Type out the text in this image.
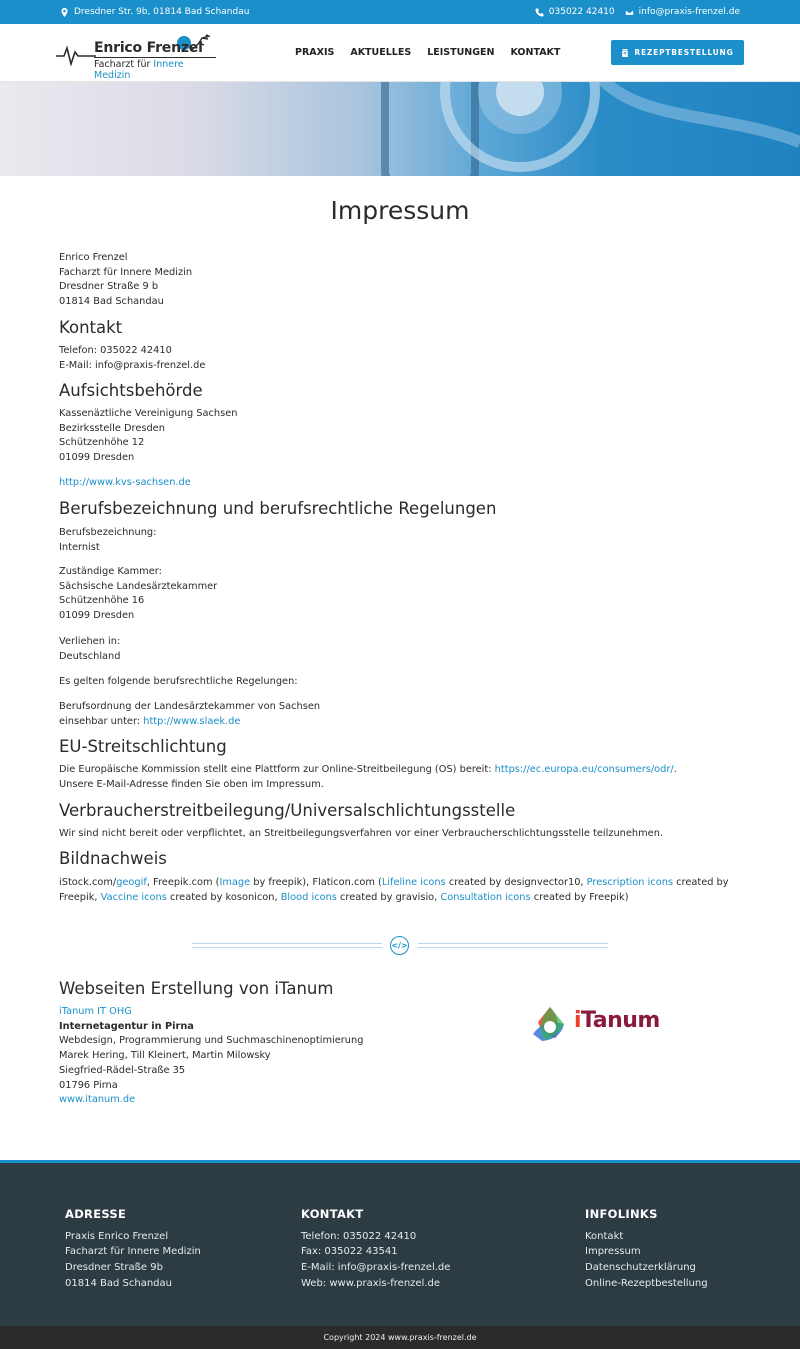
Dresdner Str. 9b, 01814 Bad Schandau	035022 42410	info@praxis-frenzel.de
Enrico Frenzel
Facharzt für Innere Medizin
PRAXIS AKTUELLES LEISTUNGEN KONTAKT	REZEPTBESTELLUNG
Impressum
Enrico Frenzel
Facharzt für Innere Medizin
Dresdner Straße 9 b
01814 Bad Schandau
Kontakt
Telefon: 035022 42410
E-Mail: info@praxis-frenzel.de
Aufsichtsbehörde
Kassenäztliche Vereinigung Sachsen
Bezirksstelle Dresden
Schützenhöhe 12
01099 Dresden
http://www.kvs-sachsen.de
Berufsbezeichnung und berufsrechtliche Regelungen
Berufsbezeichnung:
Internist
Zuständige Kammer:
Sächsische Landesärztekammer
Schützenhöhe 16
01099 Dresden
Verliehen in:
Deutschland
Es gelten folgende berufsrechtliche Regelungen:
Berufsordnung der Landesärztekammer von Sachsen
einsehbar unter: http://www.slaek.de
EU-Streitschlichtung
Die Europäische Kommission stellt eine Plattform zur Online-Streitbeilegung (OS) bereit: https://ec.europa.eu/consumers/odr/.
Unsere E-Mail-Adresse finden Sie oben im Impressum.
Verbraucherstreitbeilegung/Universalschlichtungsstelle
Wir sind nicht bereit oder verpflichtet, an Streitbeilegungsverfahren vor einer Verbraucherschlichtungsstelle teilzunehmen.
Bildnachweis
iStock.com/geogif, Freepik.com (Image by freepik), Flaticon.com (Lifeline icons created by designvector10, Prescription icons created by
Freepik, Vaccine icons created by kosonicon, Blood icons created by gravisio, Consultation icons created by Freepik)
Webseiten Erstellung von iTanum
iTanum IT OHG
Internetagentur in Pirna
Webdesign, Programmierung und Suchmaschinenoptimierung
Marek Hering, Till Kleinert, Martin Milowsky
Siegfried-Rädel-Straße 35
01796 Pirna
www.itanum.de
</>
iTanum
ADRESSE
Praxis Enrico Frenzel
Facharzt für Innere Medizin
Dresdner Straße 9b
01814 Bad Schandau
KONTAKT
Telefon: 035022 42410
Fax: 035022 43541
E-Mail: info@praxis-frenzel.de
Web: www.praxis-frenzel.de
INFOLINKS
Kontakt
Impressum
Datenschutzerklärung
Online-Rezeptbestellung
Copyright 2024 www.praxis-frenzel.de
